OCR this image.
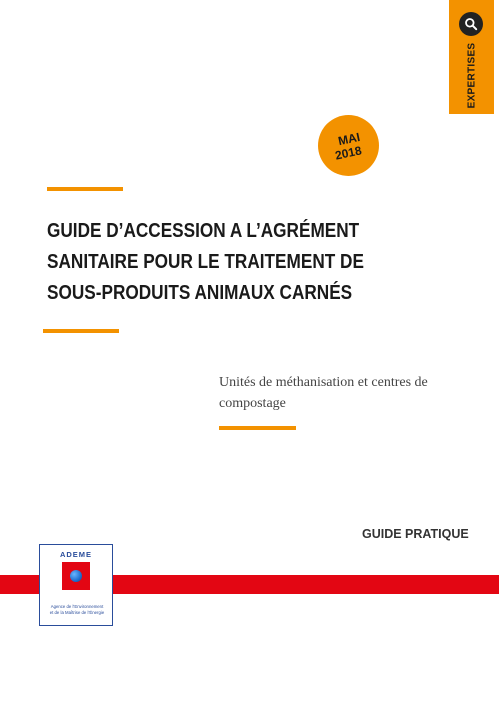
EXPERTISES
MAI
2018
GUIDE D’ACCESSION A L’AGRÉMENT
SANITAIRE POUR LE TRAITEMENT DE
SOUS-PRODUITS ANIMAUX CARNÉS
Unités de méthanisation et centres de compostage
GUIDE PRATIQUE
ADEME
Agence de l’Environnement
et de la Maîtrise de l’Énergie
